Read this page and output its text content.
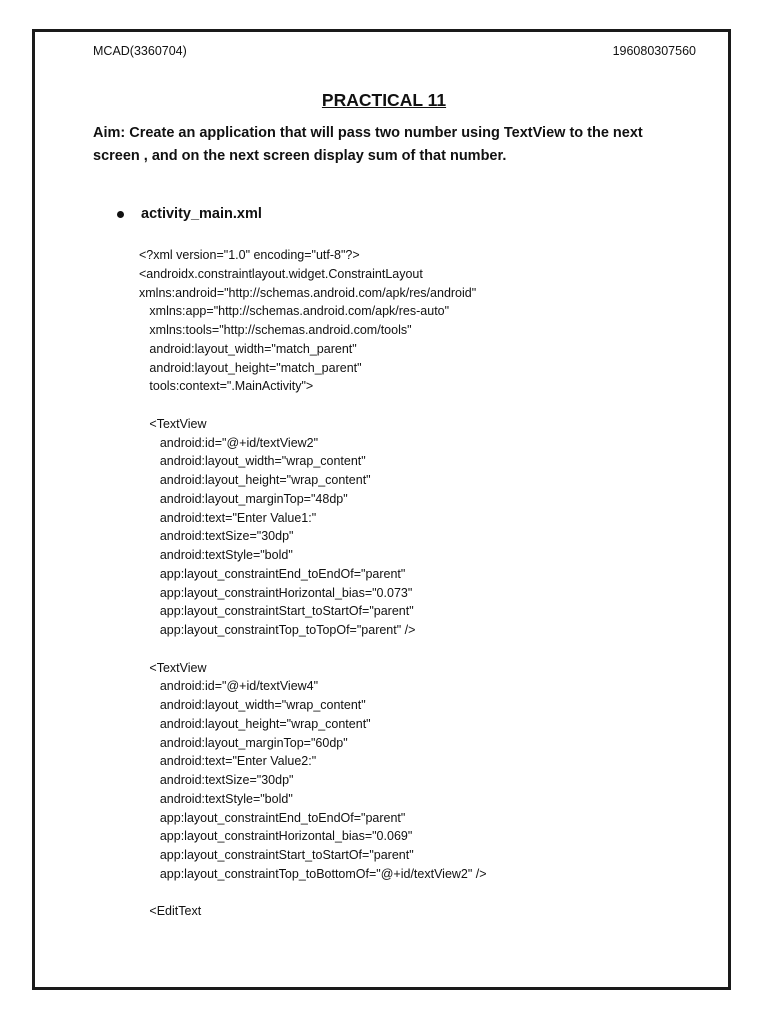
MCAD(3360704)	196080307560
PRACTICAL 11
Aim: Create an application that will pass two number using TextView to the next screen , and on the next screen display sum of that number.
activity_main.xml
<?xml version="1.0" encoding="utf-8"?>
<androidx.constraintlayout.widget.ConstraintLayout
xmlns:android="http://schemas.android.com/apk/res/android"
xmlns:app="http://schemas.android.com/apk/res-auto"
xmlns:tools="http://schemas.android.com/tools"
android:layout_width="match_parent"
android:layout_height="match_parent"
tools:context=".MainActivity">
<TextView
android:id="@+id/textView2"
android:layout_width="wrap_content"
android:layout_height="wrap_content"
android:layout_marginTop="48dp"
android:text="Enter Value1:"
android:textSize="30dp"
android:textStyle="bold"
app:layout_constraintEnd_toEndOf="parent"
app:layout_constraintHorizontal_bias="0.073"
app:layout_constraintStart_toStartOf="parent"
app:layout_constraintTop_toTopOf="parent" />
<TextView
android:id="@+id/textView4"
android:layout_width="wrap_content"
android:layout_height="wrap_content"
android:layout_marginTop="60dp"
android:text="Enter Value2:"
android:textSize="30dp"
android:textStyle="bold"
app:layout_constraintEnd_toEndOf="parent"
app:layout_constraintHorizontal_bias="0.069"
app:layout_constraintStart_toStartOf="parent"
app:layout_constraintTop_toBottomOf="@+id/textView2" />
<EditText
